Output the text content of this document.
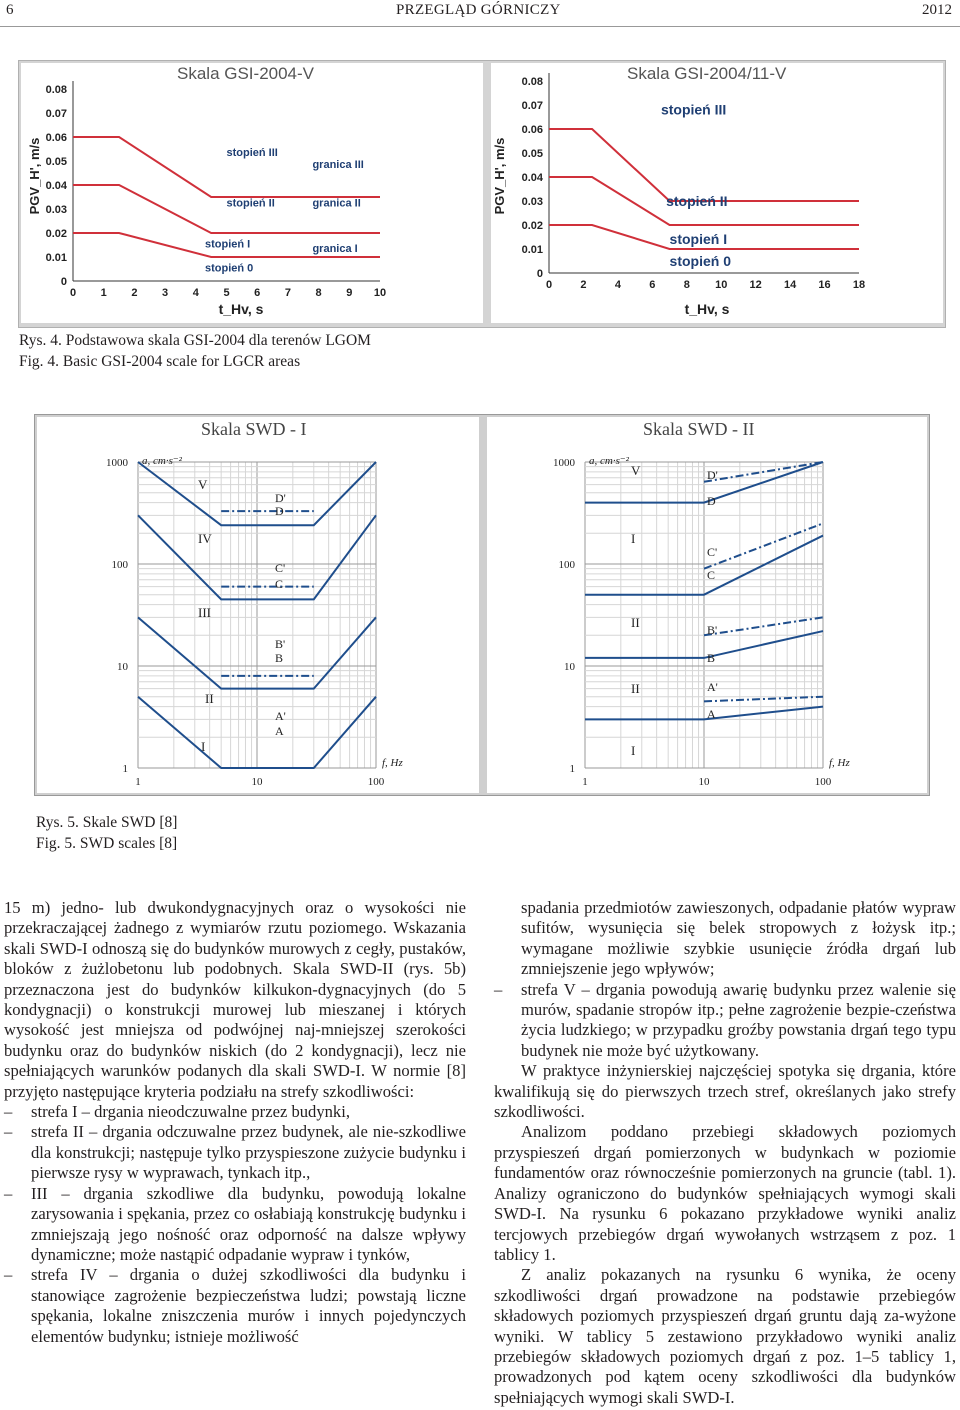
6	PRZEGLĄD GÓRNICZY	2012
Skala GSI-2004-V
0 1 2 3 4 5 6 7 8 9 10
0
0.01
0.02
0.03
0.04
0.05
0.06
0.07
0.08
PGV_H', m/s
t_Hv, s
stopień 0
stopień I
stopień II
stopień III
granica I
granica II
granica III
Skala GSI-2004/11-V
0	2	4	6	8 10 12 14 16 18
0
0.01
0.02
0.03
0.04
0.05
0.06
0.07
0.08
PGV_H', m/s
t_Hv, s
stopień 0
stopień I
stopień II
stopień III
Rys. 4. Podstawowa skala GSI-2004 dla terenów LGOM
Fig. 4. Basic GSI-2004 scale for LGCR areas
Skala SWD - I
a, cm·s⁻²
f, Hz
1	10	100
1
10
100
1000
A
A'
B
B'
C
C'
D
D'
I
II
III
IV
V
Skala SWD - II
a, cm·s⁻²
f, Hz
1	10	100
1
10
100
1000
A
A'
B
B'
C
C'
D
D'
I
II
II
I
V
Rys. 5. Skale SWD [8]
Fig. 5. SWD scales [8]

15 m) jedno- lub dwukondygnacyjnych oraz o wysokości nie przekraczającej żadnego z wymiarów rzutu poziomego. Wskazania skali SWD-I odnoszą się do budynków murowych z cegły, pustaków, bloków z żużlobetonu lub podobnych. Skala SWD-II (rys. 5b) przeznaczona jest do budynków kilkukon-dygnacyjnych (do 5 kondygnacji) o konstrukcji murowej lub mieszanej i których wysokość jest mniejsza od podwójnej naj-mniejszej szerokości budynku oraz do budynków niskich (do 2 kondygnacji), lecz nie spełniających warunków podanych dla skali SWD-I. W normie [8] przyjęto następujące kryteria podziału na strefy szkodliwości:

–	strefa I – drgania nieodczuwalne przez budynki,
–	strefa II – drgania odczuwalne przez budynek, ale nie-szkodliwe dla konstrukcji; następuje tylko przyspieszone zużycie budynku i pierwsze rysy w wyprawach, tynkach itp.,
–	III – drgania szkodliwe dla budynku, powodują lokalne zarysowania i spękania, przez co osłabiają konstrukcję budynku i zmniejszają jego nośność oraz odporność na dalsze wpływy dynamiczne; może nastąpić odpadanie wypraw i tynków,
–	strefa IV – drgania o dużej szkodliwości dla budynku i stanowiące zagrożenie bezpieczeństwa ludzi; powstają liczne spękania, lokalne zniszczenia murów i innych pojedynczych elementów budynku; istnieje możliwość

spadania przedmiotów zawieszonych, odpadanie płatów wypraw sufitów, wysunięcia się belek stropowych z łożysk itp.; wymagane możliwie szybkie usunięcie źródła drgań lub zmniejszenie jego wpływów;

–	strefa V – drgania powodują awarię budynku przez walenie się murów, spadanie stropów itp.; pełne zagrożenie bezpie-czeństwa życia ludzkiego; w przypadku groźby powstania drgań tego typu budynek nie może być użytkowany.

W praktyce inżynierskiej najczęściej spotyka się drgania, które kwalifikują się do pierwszych trzech stref, określanych jako strefy szkodliwości.

Analizom poddano przebiegi składowych poziomych przyspieszeń drgań pomierzonych w budynkach w poziomie fundamentów oraz równocześnie pomierzonych na gruncie (tabl. 1). Analizy ograniczono do budynków spełniających wymogi skali SWD-I. Na rysunku 6 pokazano przykładowe wyniki analiz tercjowych przebiegów drgań wywołanych wstrząsem z poz. 1 tablicy 1.

Z analiz pokazanych na rysunku 6 wynika, że oceny szkodliwości drgań prowadzone na podstawie przebiegów składowych poziomych przyspieszeń drgań gruntu dają za-wyżone wyniki. W tablicy 5 zestawiono przykładowo wyniki analiz przebiegów składowych poziomych drgań z poz. 1–5 tablicy 1, prowadzonych pod kątem oceny szkodliwości dla budynków spełniających wymogi skali SWD-I.
